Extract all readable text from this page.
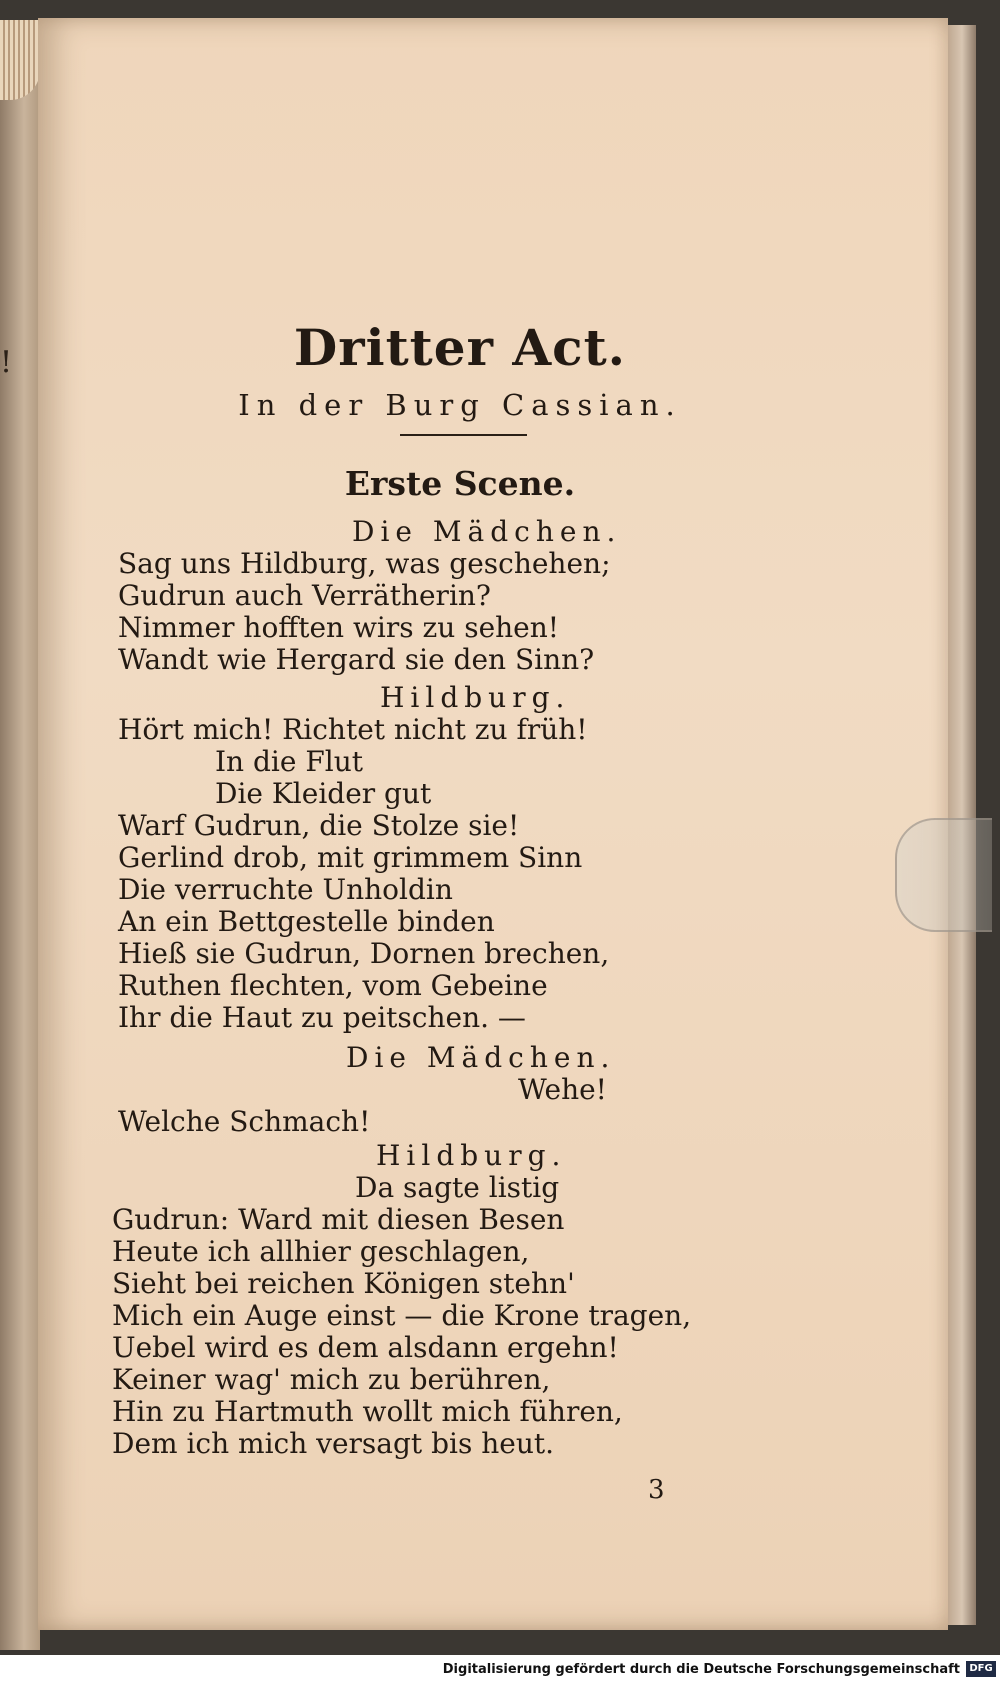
!	Dritter Act.
In der Burg Cassian.
Erste Scene.
Die Mädchen.
Sag uns Hildburg, was geschehen;
Gudrun auch Verrätherin?
Nimmer hofften wirs zu sehen!
Wandt wie Hergard sie den Sinn?
Hildburg.
Hört mich! Richtet nicht zu früh!
In die Flut
Die Kleider gut
Warf Gudrun, die Stolze sie!
Gerlind drob, mit grimmem Sinn
Die verruchte Unholdin
An ein Bettgestelle binden
Hieß sie Gudrun, Dornen brechen,
Ruthen flechten, vom Gebeine
Ihr die Haut zu peitschen. —
Die Mädchen.
Wehe!
Welche Schmach!
Hildburg.
Da sagte listig
Gudrun: Ward mit diesen Besen
Heute ich allhier geschlagen,
Sieht bei reichen Königen stehn'
Mich ein Auge einst — die Krone tragen,
Uebel wird es dem alsdann ergehn!
Keiner wag' mich zu berühren,
Hin zu Hartmuth wollt mich führen,
Dem ich mich versagt bis heut.
3
Digitalisierung gefördert durch die Deutsche Forschungsgemeinschaft DFG
